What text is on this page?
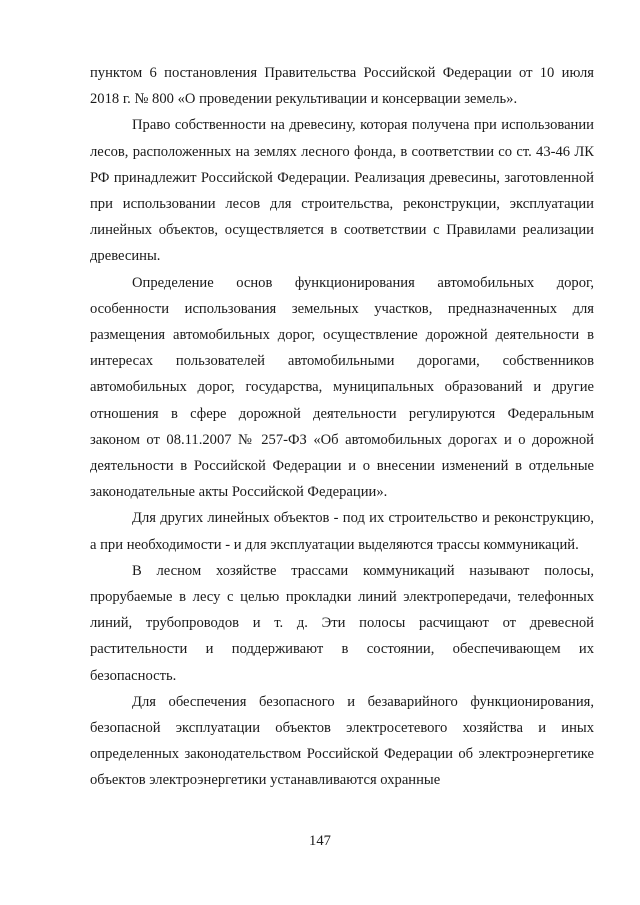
пунктом 6 постановления Правительства Российской Федерации от 10 июля 2018 г. № 800 «О проведении рекультивации и консервации земель».

Право собственности на древесину, которая получена при использовании лесов, расположенных на землях лесного фонда, в соответствии со ст. 43-46 ЛК РФ принадлежит Российской Федерации. Реализация древесины, заготовленной при использовании лесов для строительства, реконструкции, эксплуатации линейных объектов, осуществляется в соответствии с Правилами реализации древесины.

Определение основ функционирования автомобильных дорог, особенности использования земельных участков, предназначенных для размещения автомобильных дорог, осуществление дорожной деятельности в интересах пользователей автомобильными дорогами, собственников автомобильных дорог, государства, муниципальных образований и другие отношения в сфере дорожной деятельности регулируются Федеральным законом от 08.11.2007 № 257-ФЗ «Об автомобильных дорогах и о дорожной деятельности в Российской Федерации и о внесении изменений в отдельные законодательные акты Российской Федерации».

Для других линейных объектов - под их строительство и реконструкцию, а при необходимости - и для эксплуатации выделяются трассы коммуникаций.

В лесном хозяйстве трассами коммуникаций называют полосы, прорубаемые в лесу с целью прокладки линий электропередачи, телефонных линий, трубопроводов и т. д. Эти полосы расчищают от древесной растительности и поддерживают в состоянии, обеспечивающем их безопасность.

Для обеспечения безопасного и безаварийного функционирования, безопасной эксплуатации объектов электросетевого хозяйства и иных определенных законодательством Российской Федерации об электроэнергетике объектов электроэнергетики устанавливаются охранные

147
